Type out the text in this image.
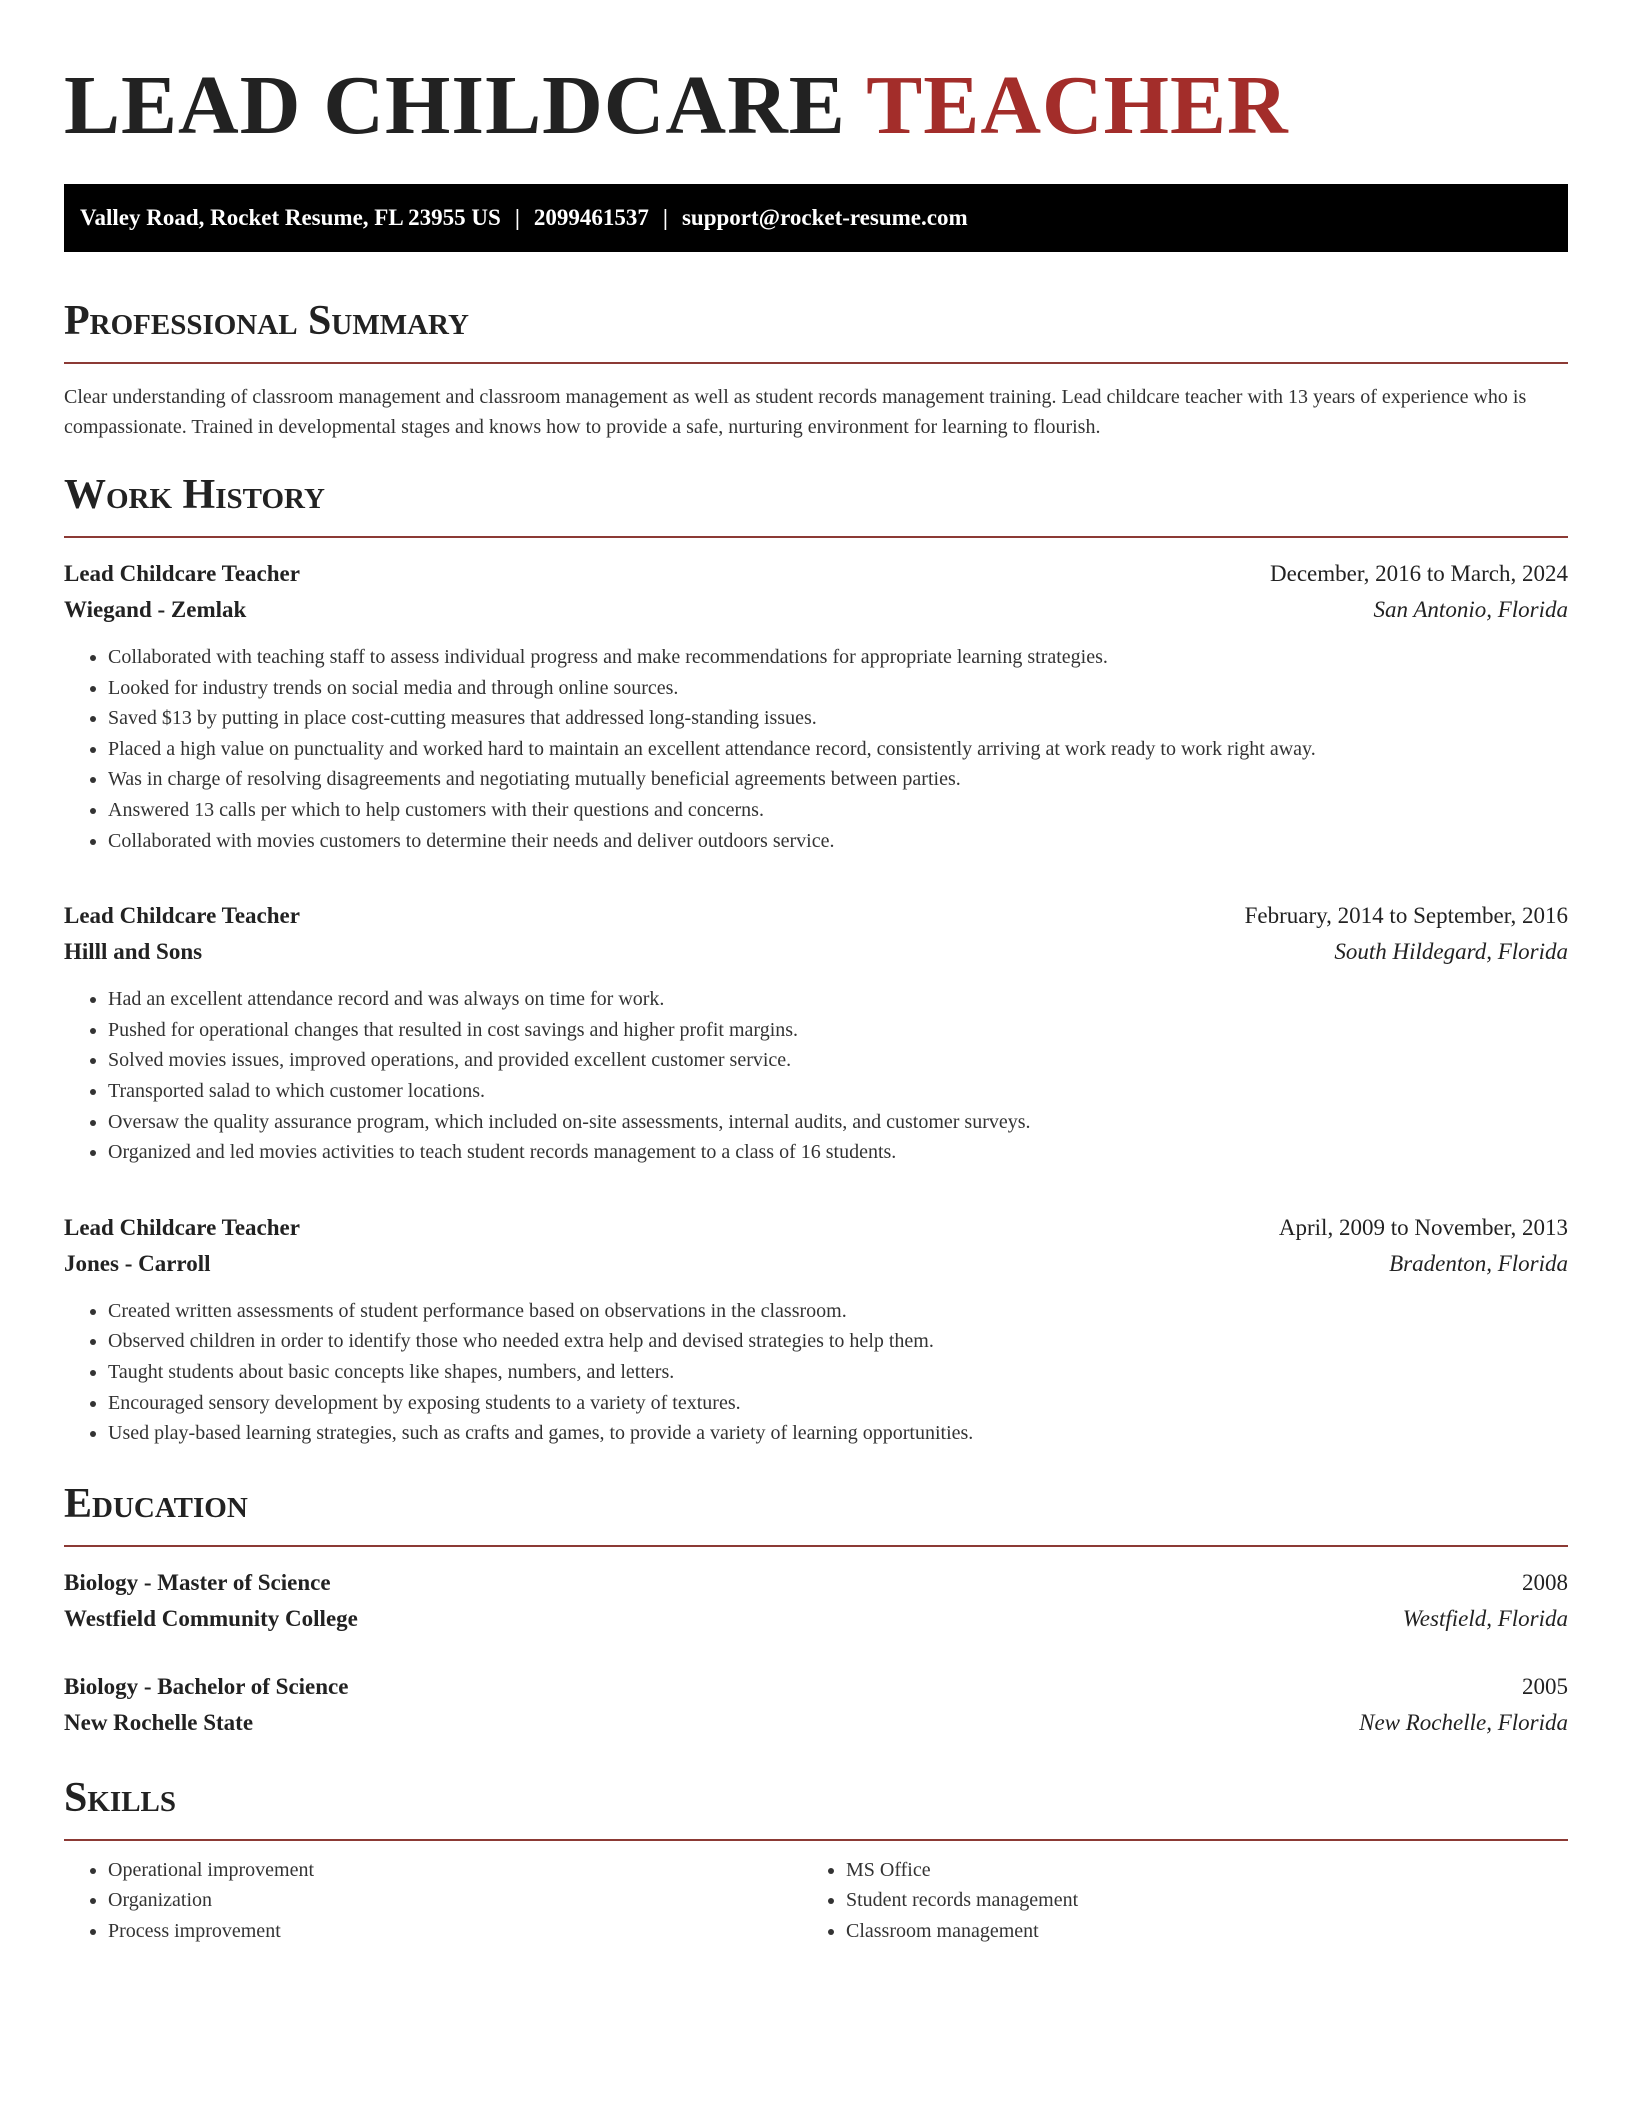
LEAD CHILDCARE TEACHER
Valley Road, Rocket Resume, FL 23955 US | 2099461537 | support@rocket-resume.com
Professional Summary

Clear understanding of classroom management and classroom management as well as student records management training. Lead childcare teacher with 13 years of experience who is compassionate. Trained in developmental stages and knows how to provide a safe, nurturing environment for learning to flourish.

Work History
Lead Childcare Teacher	December, 2016 to March, 2024
Wiegand - Zemlak	San Antonio, Florida
• Collaborated with teaching staff to assess individual progress and make recommendations for appropriate learning strategies.
• Looked for industry trends on social media and through online sources.
• Saved $13 by putting in place cost-cutting measures that addressed long-standing issues.
• Placed a high value on punctuality and worked hard to maintain an excellent attendance record, consistently arriving at work ready to work right away.
• Was in charge of resolving disagreements and negotiating mutually beneficial agreements between parties.
• Answered 13 calls per which to help customers with their questions and concerns.
• Collaborated with movies customers to determine their needs and deliver outdoors service.
Lead Childcare Teacher	February, 2014 to September, 2016
Hilll and Sons	South Hildegard, Florida
• Had an excellent attendance record and was always on time for work.
• Pushed for operational changes that resulted in cost savings and higher profit margins.
• Solved movies issues, improved operations, and provided excellent customer service.
• Transported salad to which customer locations.
• Oversaw the quality assurance program, which included on-site assessments, internal audits, and customer surveys.
• Organized and led movies activities to teach student records management to a class of 16 students.
Lead Childcare Teacher	April, 2009 to November, 2013
Jones - Carroll	Bradenton, Florida
• Created written assessments of student performance based on observations in the classroom.
• Observed children in order to identify those who needed extra help and devised strategies to help them.
• Taught students about basic concepts like shapes, numbers, and letters.
• Encouraged sensory development by exposing students to a variety of textures.
• Used play-based learning strategies, such as crafts and games, to provide a variety of learning opportunities.
Education
Biology - Master of Science	2008
Westfield Community College	Westfield, Florida
Biology - Bachelor of Science	2005
New Rochelle State	New Rochelle, Florida
Skills
• Operational improvement
• Organization
• Process improvement
• MS Office
• Student records management
• Classroom management
